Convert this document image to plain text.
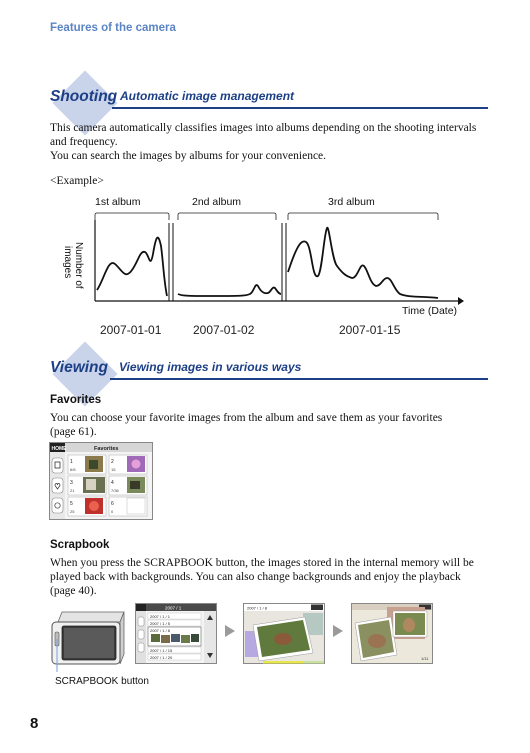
Features of the camera
Shooting Automatic image management
This camera automatically classifies images into albums depending on the shooting intervals
and frequency.
You can search the images by albums for your convenience.
<Example>
1st album	2nd album	3rd album
Number of
images
Time (Date)
2007-01-01	2007-01-02	2007-01-15
Viewing Viewing images in various ways
Favorites
You can choose your favorite images from the album and save them as your favorites
(page 61).
HOME	Favorites
1
6/6
2
15
3
21
4
7/36
5
25
6
0
Scrapbook
When you press the SCRAPBOOK button, the images stored in the internal memory will be
played back with backgrounds. You can also change backgrounds and enjoy the playback
(page 40).
SCRAPBOOK button
2007 / 1
2007 / 1 / 1
2007 / 1 / 5
2007 / 1 / 8
2007 / 1 / 15
2007 / 1 / 20
2007 / 1 / 8
1/11
8
